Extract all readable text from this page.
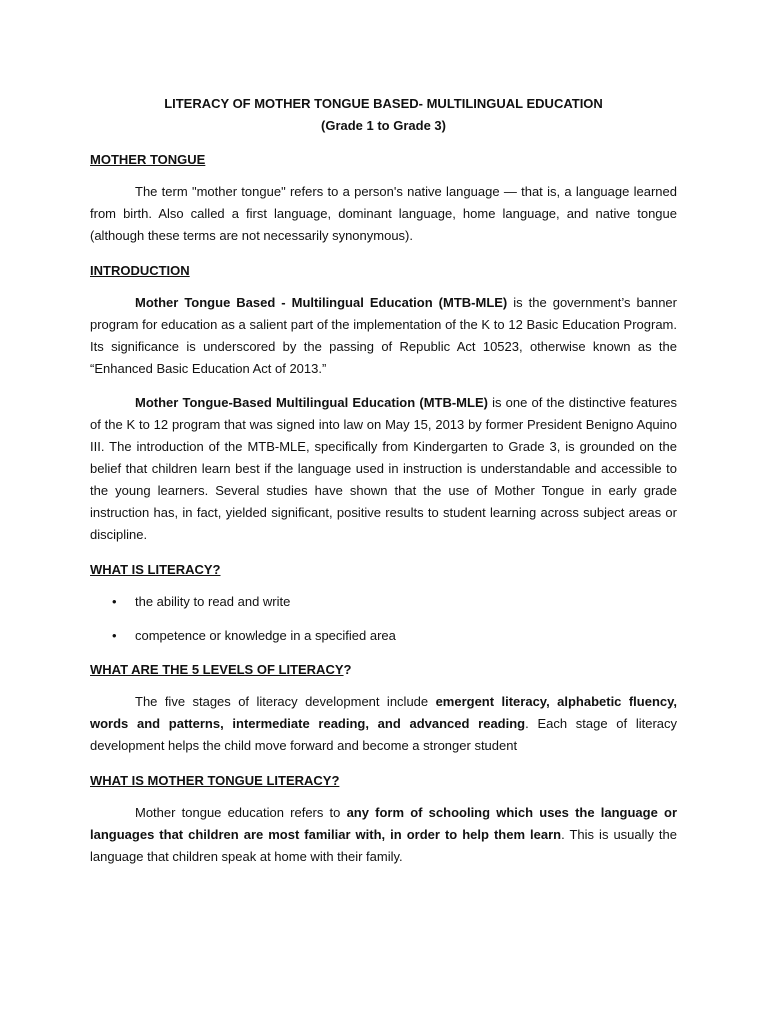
LITERACY OF MOTHER TONGUE BASED- MULTILINGUAL EDUCATION

(Grade 1 to Grade 3)

MOTHER TONGUE

The term "mother tongue" refers to a person's native language — that is, a language learned from birth. Also called a first language, dominant language, home language, and native tongue (although these terms are not necessarily synonymous).

INTRODUCTION

Mother Tongue Based - Multilingual Education (MTB-MLE) is the government’s banner program for education as a salient part of the implementation of the K to 12 Basic Education Program. Its significance is underscored by the passing of Republic Act 10523, otherwise known as the “Enhanced Basic Education Act of 2013.”

Mother Tongue-Based Multilingual Education (MTB-MLE) is one of the distinctive features of the K to 12 program that was signed into law on May 15, 2013 by former President Benigno Aquino III. The introduction of the MTB-MLE, specifically from Kindergarten to Grade 3, is grounded on the belief that children learn best if the language used in instruction is understandable and accessible to the young learners. Several studies have shown that the use of Mother Tongue in early grade instruction has, in fact, yielded significant, positive results to student learning across subject areas or discipline.

WHAT IS LITERACY?

• the ability to read and write
• competence or knowledge in a specified area

WHAT ARE THE 5 LEVELS OF LITERACY?

The five stages of literacy development include emergent literacy, alphabetic fluency, words and patterns, intermediate reading, and advanced reading. Each stage of literacy development helps the child move forward and become a stronger student

WHAT IS MOTHER TONGUE LITERACY?

Mother tongue education refers to any form of schooling which uses the language or languages that children are most familiar with, in order to help them learn. This is usually the language that children speak at home with their family.
